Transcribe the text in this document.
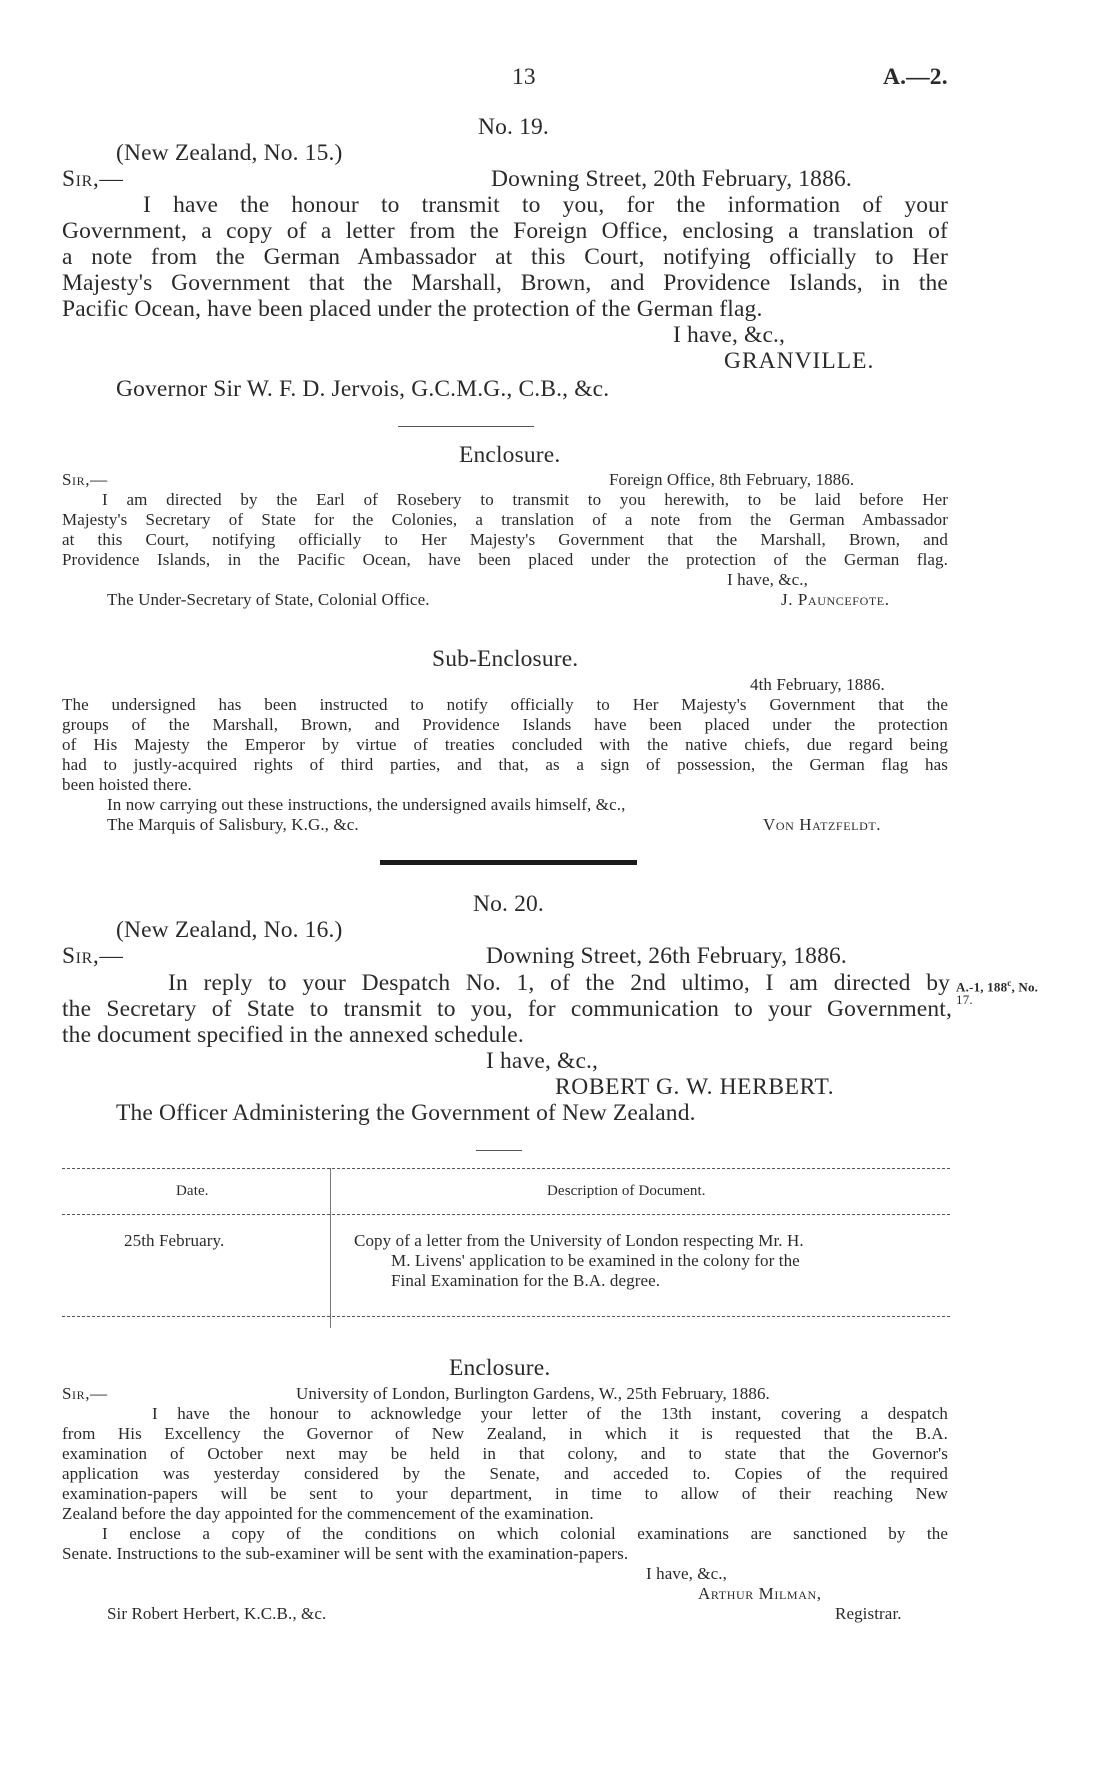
13	A.—2.
No. 19.
(New Zealand, No. 15.)
Sir,—	Downing Street, 20th February, 1886.
I have the honour to transmit to you, for the information of your
Government, a copy of a letter from the Foreign Office, enclosing a translation of
a note from the German Ambassador at this Court, notifying officially to Her
Majesty's Government that the Marshall, Brown, and Providence Islands, in the
Pacific Ocean, have been placed under the protection of the German flag.
I have, &c.,
GRANVILLE.
Governor Sir W. F. D. Jervois, G.C.M.G., C.B., &c.
Enclosure.
Sir,—	Foreign Office, 8th February, 1886.
I am directed by the Earl of Rosebery to transmit to you herewith, to be laid before Her
Majesty's Secretary of State for the Colonies, a translation of a note from the German Ambassador
at this Court, notifying officially to Her Majesty's Government that the Marshall, Brown, and
Providence Islands, in the Pacific Ocean, have been placed under the protection of the German flag.
I have, &c.,
The Under-Secretary of State, Colonial Office.	J. Pauncefote.
Sub-Enclosure.
4th February, 1886.
The undersigned has been instructed to notify officially to Her Majesty's Government that the
groups of the Marshall, Brown, and Providence Islands have been placed under the protection
of His Majesty the Emperor by virtue of treaties concluded with the native chiefs, due regard being
had to justly-acquired rights of third parties, and that, as a sign of possession, the German flag has
been hoisted there.
In now carrying out these instructions, the undersigned avails himself, &c.,
The Marquis of Salisbury, K.G., &c.	Von Hatzfeldt.
No. 20.
(New Zealand, No. 16.)
Sir,—	Downing Street, 26th February, 1886.
In reply to your Despatch No. 1, of the 2nd ultimo, I am directed by
the Secretary of State to transmit to you, for communication to your Government,
the document specified in the annexed schedule.
I have, &c.,
ROBERT G. W. HERBERT.
The Officer Administering the Government of New Zealand.
A.-1, 188$^c$, No.
17.
Date.	Description of Document.
25th February.	Copy of a letter from the University of London respecting Mr. H.
M. Livens' application to be examined in the colony for the
Final Examination for the B.A. degree.
Enclosure.
Sir,—	University of London, Burlington Gardens, W., 25th February, 1886.
I have the honour to acknowledge your letter of the 13th instant, covering a despatch
from His Excellency the Governor of New Zealand, in which it is requested that the B.A.
examination of October next may be held in that colony, and to state that the Governor's
application was yesterday considered by the Senate, and acceded to. Copies of the required
examination-papers will be sent to your department, in time to allow of their reaching New
Zealand before the day appointed for the commencement of the examination.
I enclose a copy of the conditions on which colonial examinations are sanctioned by the
Senate. Instructions to the sub-examiner will be sent with the examination-papers.
I have, &c.,
Arthur Milman,
Sir Robert Herbert, K.C.B., &c.	Registrar.
